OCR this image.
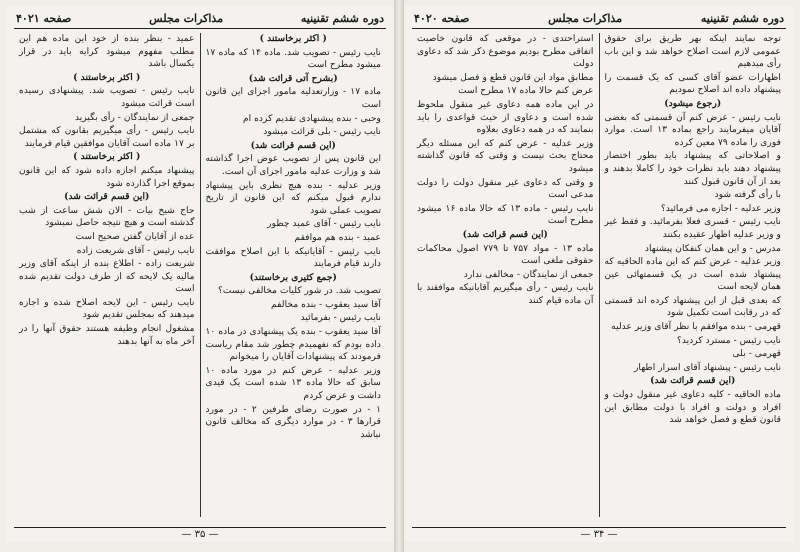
دوره ششم تقنینیه
مذاکرات مجلس
صفحه ۴۰۲۱

( اکثر برخاستند )

نایب رئیس - تصویب شد. ماده ۱۴ که ماده ۱۷ میشود مطرح است

(بشرح آتی قرائت شد)

ماده ۱۷ - وزارتعدلیه مامور اجرای این قانون است

وحبی - بنده پیشنهادی تقدیم کرده ام

نایب رئیس - بلی قرائت میشود

(این قسم قرائت شد)

این قانون پس از تصویب عوض اجرا گذاشته شد و وزارت عدلیه مامور اجرای آن است.

وزیر عدلیه - بنده هیچ نظری باین پیشنهاد ندارم قبول میکنم که این قانون از تاریخ تصویب عملی شود

نایب رئیس - آقای عمید چطور

عمید - بنده هم موافقم

نایب رئیس - آقایانیکه با این اصلاح موافقت دارند قیام فرمایند

(جمع کثیری برخاستند)

تصویب شد. در شور کلیات مخالفی نیست؟

آقا سید یعقوب - بنده مخالفم

نایب رئیس - بفرمائید

آقا سید یعقوب - بنده یک پیشنهادی در ماده ۱۰ داده بودم که نفهمیدم چطور شد مقام ریاست فرمودند که پیشنهادات آقایان را میخوانم

وزیر عدلیه - عرض کنم در مورد ماده ۱۰ سابق که حالا ماده ۱۳ شده است یک قیدی داشت و عرض کردم

۱ - در صورت رضای طرفین ۲ - در مورد قرارها ۳ - در موارد دیگری که مخالف قانون نباشد

عمید - بنظر بنده از خود این ماده هم این مطلب مفهوم میشود کرایه باید در قرار یکسال باشد

( اکثر برخاستند )

نایب رئیس - تصویب شد. پیشنهادی رسیده است قرائت میشود

جمعی از نمایندگان - رأی بگیرید

نایب رئیس - رأی میگیریم بقانون که مشتمل بر ۱۷ ماده است آقایان موافقین قیام فرمایند

( اکثر برخاستند )

پیشنهاد میکنم اجازه داده شود که این قانون بموقع اجرا گذارده شود

(این قسم قرائت شد)

حاج شیخ بیات - الان شش ساعت از شب گذشته است و هیچ نتیجه حاصل نمیشود

عده از آقایان گفتن صحیح است

نایب رئیس - آقای شریعت زاده

شریعت زاده - اطلاع بنده از اینکه آقای وزیر مالیه یک لایحه که از طرف دولت تقدیم شده است

نایب رئیس - این لایحه اصلاح شده و اجازه میدهند که بمجلس تقدیم شود

مشغول انجام وظیفه هستند حقوق آنها را در آخر ماه به آنها بدهند

— ۳۵ —
دوره ششم تقنینیه
مذاکرات مجلس
صفحه ۴۰۲۰

توجه نمایند اینکه بهر طریق برای حقوق عمومی لازم است اصلاح خواهد شد و این باب رأی میدهیم

اظهارات عضو آقای کسی که یک قسمت را پیشنهاد داده اند اصلاح نمودیم

(رجوع میشود)

نایب رئیس - عرض کنم آن قسمتی که بعضی آقایان میفرمایند راجع بماده ۱۳ است. موارد فوری را ماده ۷۹ معین کرده

و اصلاحاتی که پیشنهاد باید بطور اختصار پیشنهاد دهند باید نظرات خود را کاملا بدهند و بعد از آن قانون قبول کنند

با رأی گرفته شود

وزیر عدلیه - اجازه می فرمائید؟

نایب رئیس - قسری فعلا بفرمائید. و فقط غیر و وزیر عدلیه اظهار عقیده بکنند

مدرس - و این همان کنفکان پیشنهاد

وزیر عدلیه - عرض کنم که این ماده الحاقیه که پیشنهاد شده است در یک قسمتهائی عین همان لایحه است

که بعدی قبل از این پیشنهاد کرده اند قسمتی که در رقابت است تکمیل شود

قهرمی - بنده موافقم با نظر آقای وزیر عدلیه

نایب رئیس - مسترد کردید؟

قهرمی - بلی

نایب رئیس - پیشنهاد آقای اسرار اطهار

(این قسم قرائت شد)

ماده الحاقیه - کلیه دعاوی غیر منقول دولت و افراد و دولت و افراد با دولت مطابق این قانون قطع و فصل خواهد شد

استراحتدی - در موقعی که قانون خاصیت اتفاقی مطرح بودیم موضوع ذکر شد که دعاوی دولت

مطابق مواد این قانون قطع و فصل میشود

عرض کنم حالا ماده ۱۷ مطرح است

در این ماده همه دعاوی غیر منقول ملحوظ شده است و دعاوی از حيث قواعدی را باید بنمایند که در همه دعاوی بعلاوه

وزیر عدلیه - عرض کنم که این مسئله دیگر محتاج بحث نیست و وقتی که قانون گذاشته میشود

و وقتی که دعاوی غیر منقول دولت را دولت مدعی است

نایب رئیس - ماده ۱۳ که حالا ماده ۱۶ میشود مطرح است

(این قسم قرائت شد)

ماده ۱۳ - مواد ۷۵۷ تا ۷۷۹ اصول محاکمات حقوقی ملغی است

جمعی از نمایندگان - مخالفی ندارد

نایب رئیس - رأی میگیریم آقایانیکه موافقند با آن ماده قیام کنند

— ۳۴ —
